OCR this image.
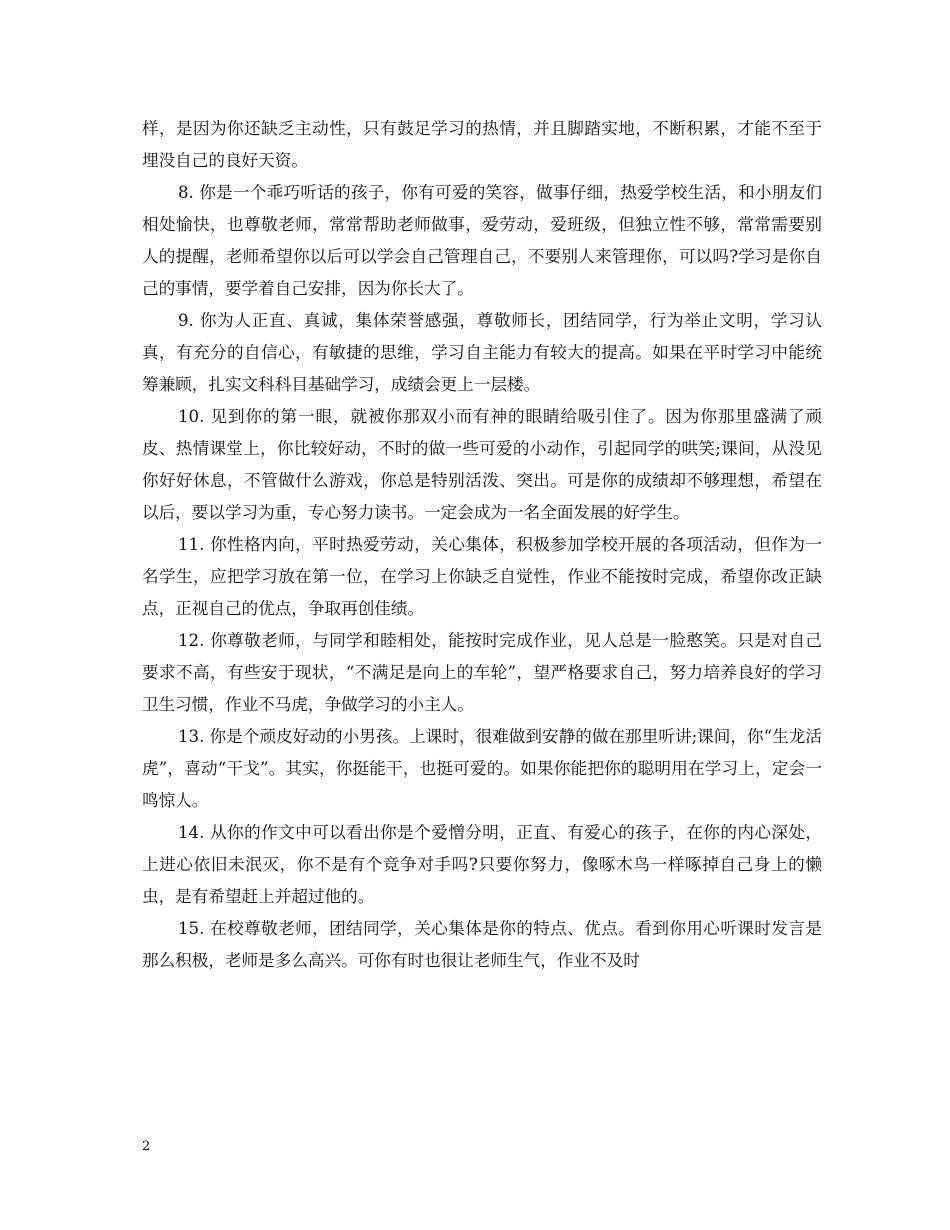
样，是因为你还缺乏主动性，只有鼓足学习的热情，并且脚踏实地，不断积累，才能不至于埋没自己的良好天资。

8. 你是一个乖巧听话的孩子，你有可爱的笑容，做事仔细，热爱学校生活，和小朋友们相处愉快，也尊敬老师，常常帮助老师做事，爱劳动，爱班级，但独立性不够，常常需要别人的提醒，老师希望你以后可以学会自己管理自己，不要别人来管理你，可以吗?学习是你自己的事情，要学着自己安排，因为你长大了。

9. 你为人正直、真诚，集体荣誉感强，尊敬师长，团结同学，行为举止文明，学习认真，有充分的自信心，有敏捷的思维，学习自主能力有较大的提高。如果在平时学习中能统筹兼顾，扎实文科科目基础学习，成绩会更上一层楼。

10. 见到你的第一眼，就被你那双小而有神的眼睛给吸引住了。因为你那里盛满了顽皮、热情课堂上，你比较好动，不时的做一些可爱的小动作，引起同学的哄笑;课间，从没见你好好休息，不管做什么游戏，你总是特别活泼、突出。可是你的成绩却不够理想，希望在以后，要以学习为重，专心努力读书。一定会成为一名全面发展的好学生。

11. 你性格内向，平时热爱劳动，关心集体，积极参加学校开展的各项活动，但作为一名学生，应把学习放在第一位，在学习上你缺乏自觉性，作业不能按时完成，希望你改正缺点，正视自己的优点，争取再创佳绩。

12. 你尊敬老师，与同学和睦相处，能按时完成作业，见人总是一脸憨笑。只是对自己要求不高，有些安于现状，“不满足是向上的车轮”，望严格要求自己，努力培养良好的学习卫生习惯，作业不马虎，争做学习的小主人。

13. 你是个顽皮好动的小男孩。上课时，很难做到安静的做在那里听讲;课间，你“生龙活虎”，喜动“干戈”。其实，你挺能干，也挺可爱的。如果你能把你的聪明用在学习上，定会一鸣惊人。

14. 从你的作文中可以看出你是个爱憎分明，正直、有爱心的孩子，在你的内心深处，上进心依旧未泯灭，你不是有个竞争对手吗?只要你努力，像啄木鸟一样啄掉自己身上的懒虫，是有希望赶上并超过他的。

15. 在校尊敬老师，团结同学，关心集体是你的特点、优点。看到你用心听课时发言是那么积极，老师是多么高兴。可你有时也很让老师生气，作业不及时

2
